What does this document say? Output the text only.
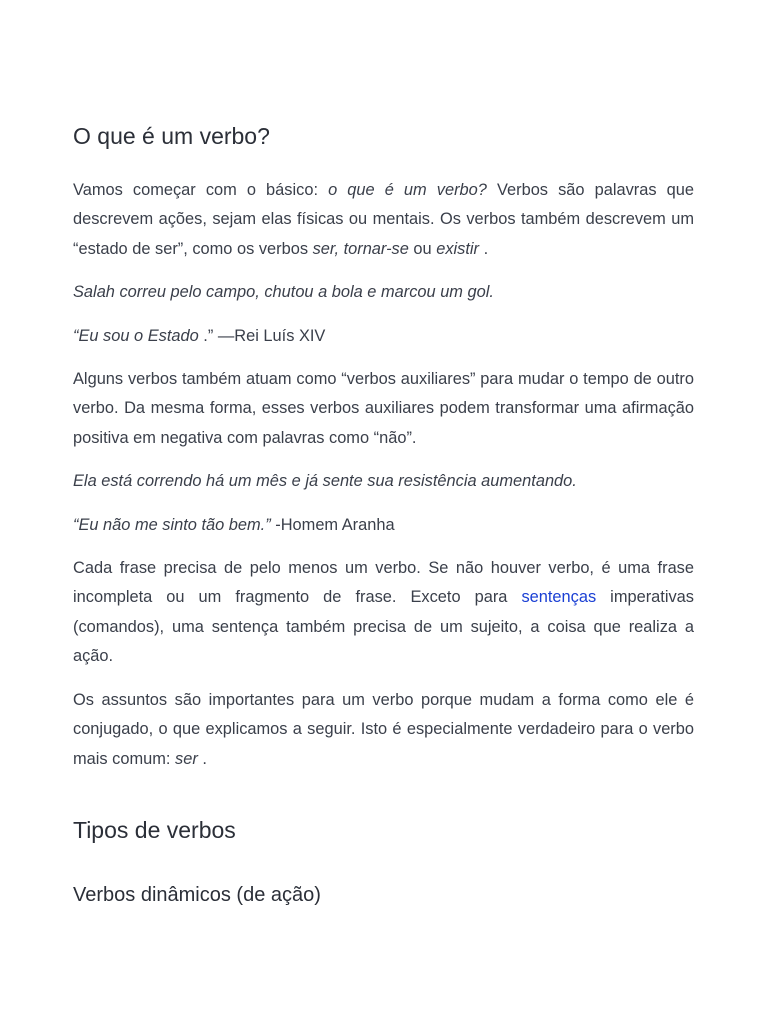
O que é um verbo?

Vamos começar com o básico: o que é um verbo? Verbos são palavras que descrevem ações, sejam elas físicas ou mentais. Os verbos também descrevem um “estado de ser”, como os verbos ser, tornar-se ou existir .

Salah correu pelo campo, chutou a bola e marcou um gol.

“Eu sou o Estado .” —Rei Luís XIV

Alguns verbos também atuam como “verbos auxiliares” para mudar o tempo de outro verbo. Da mesma forma, esses verbos auxiliares podem transformar uma afirmação positiva em negativa com palavras como “não”.

Ela está correndo há um mês e já sente sua resistência aumentando.

“Eu não me sinto tão bem.” -Homem Aranha

Cada frase precisa de pelo menos um verbo. Se não houver verbo, é uma frase incompleta ou um fragmento de frase. Exceto para sentenças imperativas (comandos), uma sentença também precisa de um sujeito, a coisa que realiza a ação.

Os assuntos são importantes para um verbo porque mudam a forma como ele é conjugado, o que explicamos a seguir. Isto é especialmente verdadeiro para o verbo mais comum: ser .

Tipos de verbos
Verbos dinâmicos (de ação)
